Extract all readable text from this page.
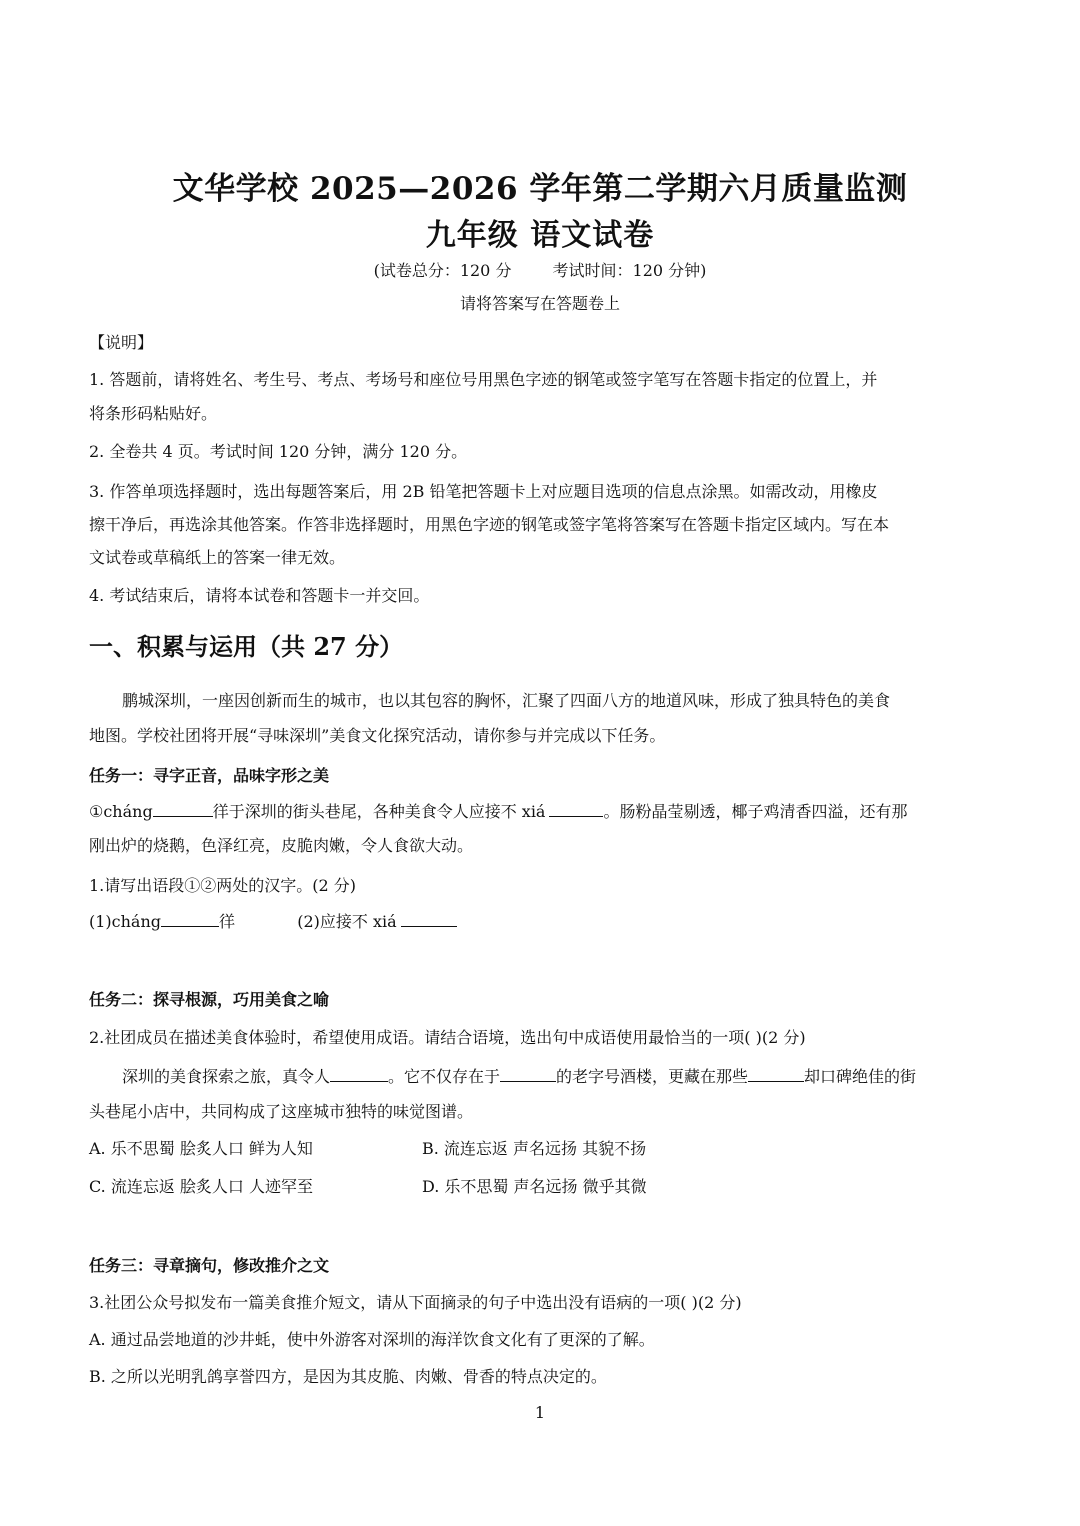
文华学校 2025—2026 学年第二学期六月质量监测
九年级 语文试卷
(试卷总分：120 分	考试时间：120 分钟)
请将答案写在答题卷上
【说明】
1. 答题前，请将姓名、考生号、考点、考场号和座位号用黑色字迹的钢笔或签字笔写在答题卡指定的位置上，并
将条形码粘贴好。
2. 全卷共 4 页。考试时间 120 分钟，满分 120 分。
3. 作答单项选择题时，选出每题答案后，用 2B 铅笔把答题卡上对应题目选项的信息点涂黑。如需改动，用橡皮
擦干净后，再选涂其他答案。作答非选择题时，用黑色字迹的钢笔或签字笔将答案写在答题卡指定区域内。写在本
文试卷或草稿纸上的答案一律无效。
4. 考试结束后，请将本试卷和答题卡一并交回。
一、积累与运用（共 27 分）
鹏城深圳，一座因创新而生的城市，也以其包容的胸怀，汇聚了四面八方的地道风味，形成了独具特色的美食
地图。学校社团将开展“寻味深圳”美食文化探究活动，请你参与并完成以下任务。
任务一：寻字正音，品味字形之美
①cháng	徉于深圳的街头巷尾，各种美食令人应接不 xiá	。肠粉晶莹剔透，椰子鸡清香四溢，还有那
刚出炉的烧鹅，色泽红亮，皮脆肉嫩，令人食欲大动。
1.请写出语段①②两处的汉字。(2 分)
(1)cháng	徉	(2)应接不 xiá
任务二：探寻根源，巧用美食之喻
2.社团成员在描述美食体验时，希望使用成语。请结合语境，选出句中成语使用最恰当的一项( )(2 分)
深圳的美食探索之旅，真令人	。它不仅存在于	的老字号酒楼，更藏在那些	却口碑绝佳的街
头巷尾小店中，共同构成了这座城市独特的味觉图谱。
A. 乐不思蜀 脍炙人口 鲜为人知	B. 流连忘返 声名远扬 其貌不扬
C. 流连忘返 脍炙人口 人迹罕至	D. 乐不思蜀 声名远扬 微乎其微
任务三：寻章摘句，修改推介之文
3.社团公众号拟发布一篇美食推介短文，请从下面摘录的句子中选出没有语病的一项( )(2 分)
A. 通过品尝地道的沙井蚝，使中外游客对深圳的海洋饮食文化有了更深的了解。
B. 之所以光明乳鸽享誉四方，是因为其皮脆、肉嫩、骨香的特点决定的。
1
